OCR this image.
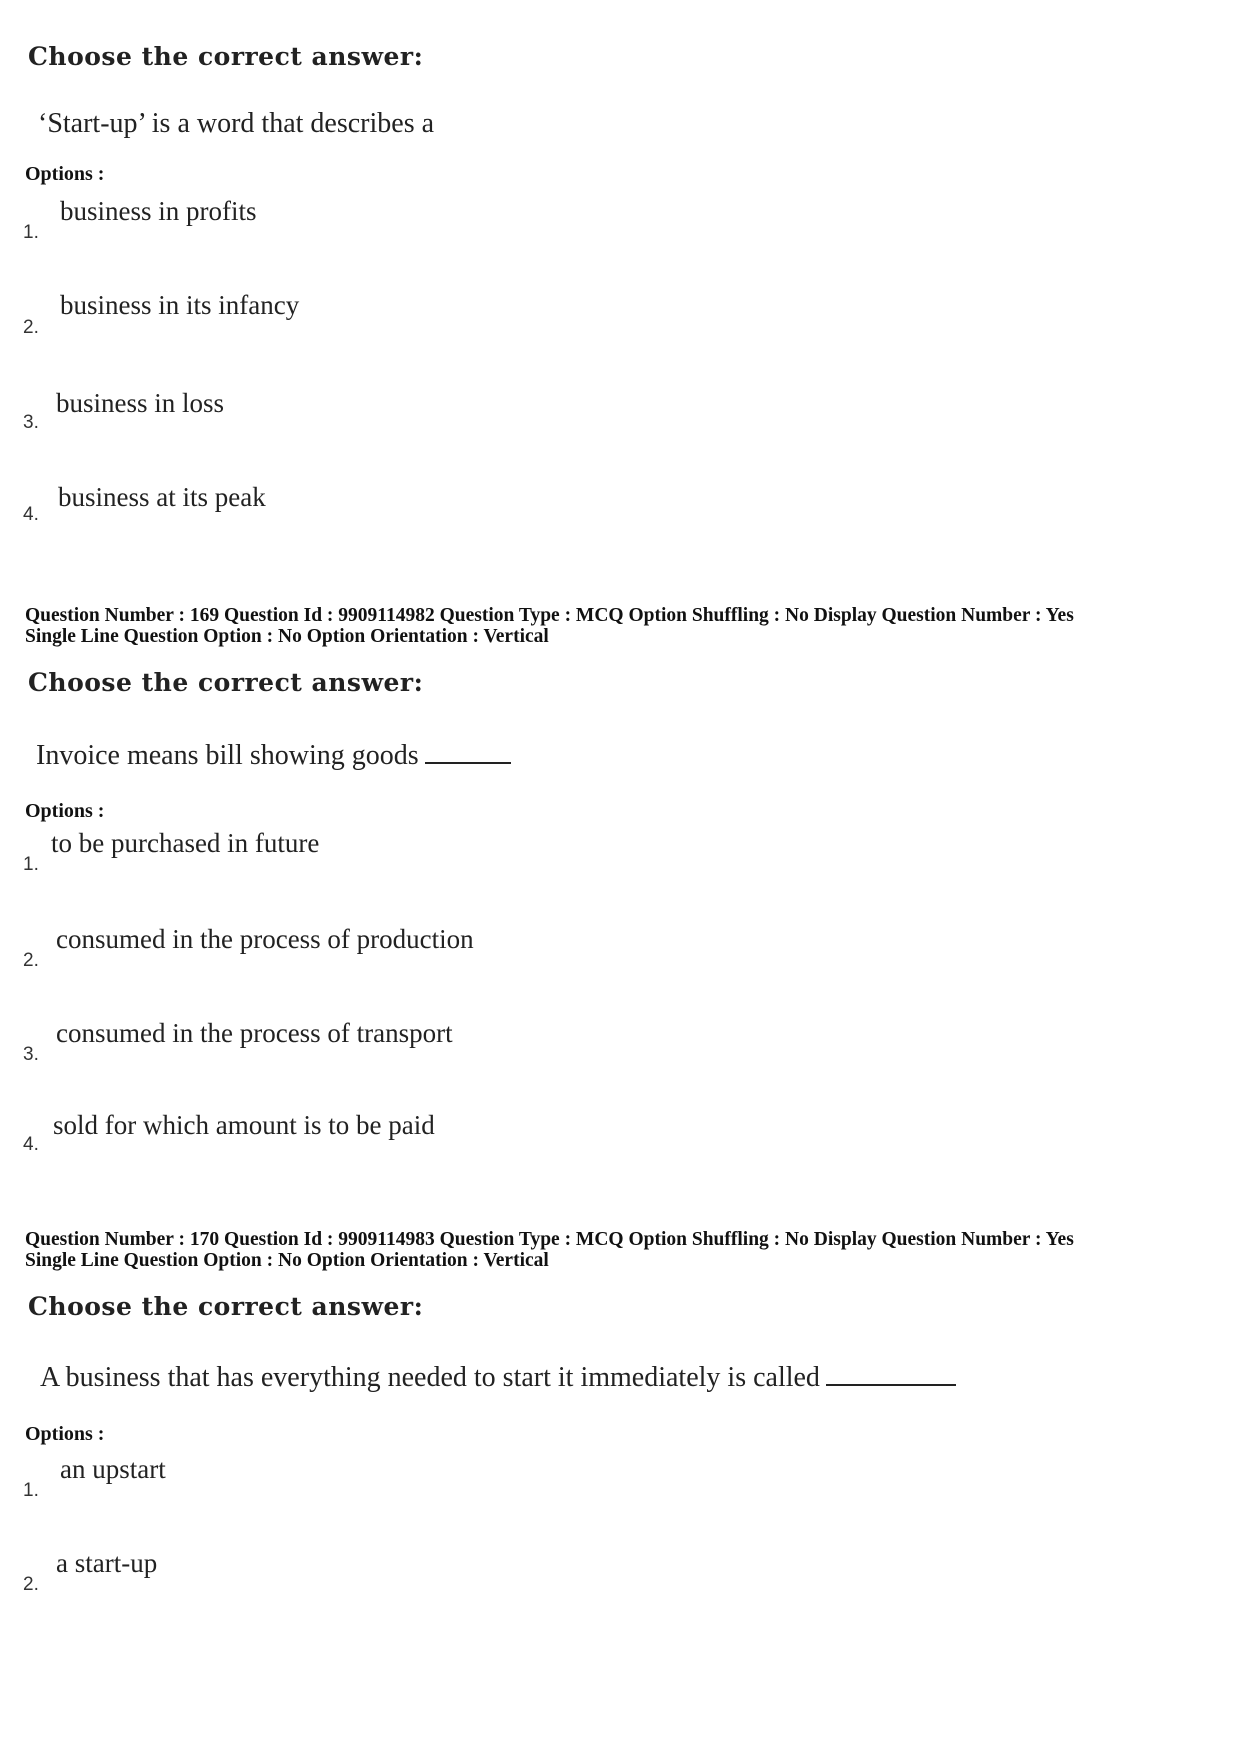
Choose the correct answer:
‘Start-up’ is a word that describes a
Options :
1.
business in profits
2.
business in its infancy
3.
business in loss
4.
business at its peak
Question Number : 169 Question Id : 9909114982 Question Type : MCQ Option Shuffling : No Display Question Number : Yes
Single Line Question Option : No Option Orientation : Vertical
Choose the correct answer:
Invoice means bill showing goods
Options :
1.
to be purchased in future
2.
consumed in the process of production
3.
consumed in the process of transport
4.
sold for which amount is to be paid
Question Number : 170 Question Id : 9909114983 Question Type : MCQ Option Shuffling : No Display Question Number : Yes
Single Line Question Option : No Option Orientation : Vertical
Choose the correct answer:
A business that has everything needed to start it immediately is called
Options :
1.
an upstart
2.
a start-up
